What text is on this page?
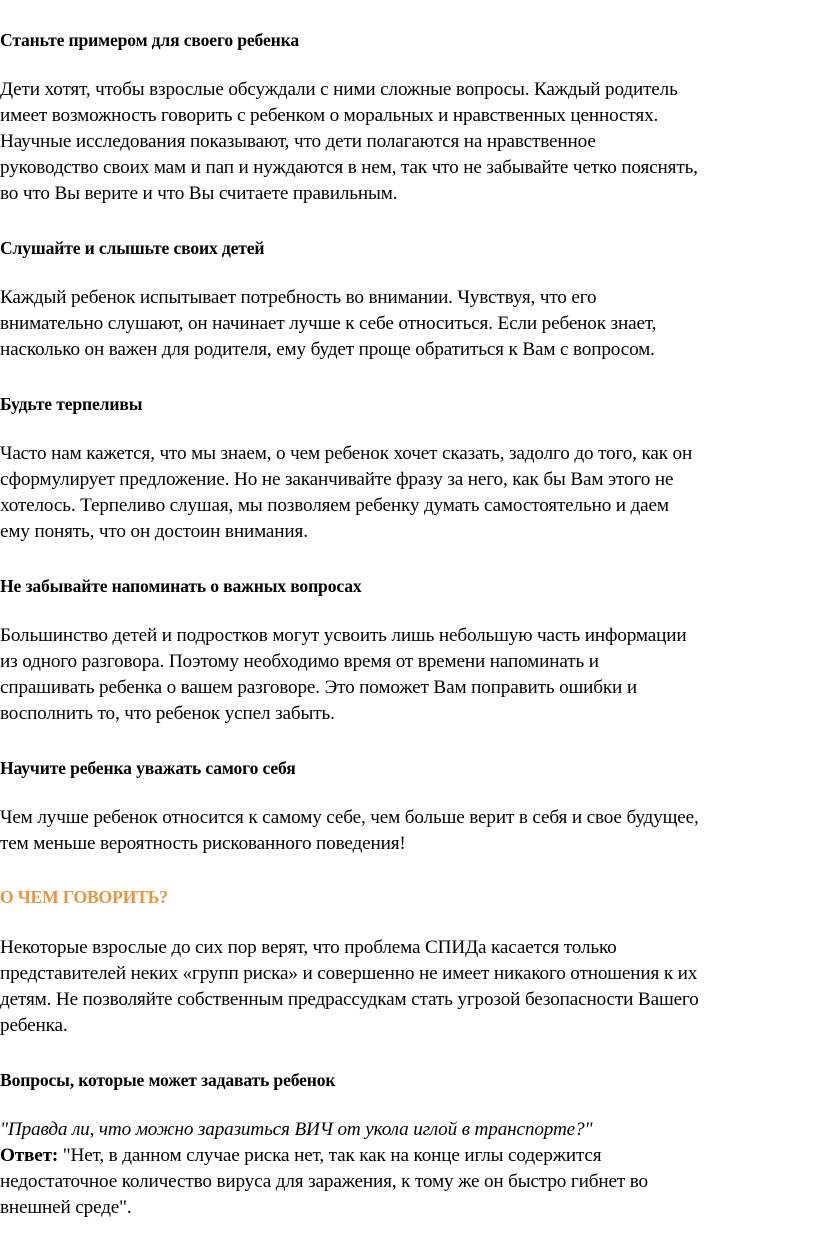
Станьте примером для своего ребенка
Дети хотят, чтобы взрослые обсуждали с ними сложные вопросы. Каждый родитель
имеет возможность говорить с ребенком о моральных и нравственных ценностях.
Научные исследования показывают, что дети полагаются на нравственное
руководство своих мам и пап и нуждаются в нем, так что не забывайте четко пояснять,
во что Вы верите и что Вы считаете правильным.
Слушайте и слышьте своих детей
Каждый ребенок испытывает потребность во внимании. Чувствуя, что его
внимательно слушают, он начинает лучше к себе относиться. Если ребенок знает,
насколько он важен для родителя, ему будет проще обратиться к Вам с вопросом.
Будьте терпеливы
Часто нам кажется, что мы знаем, о чем ребенок хочет сказать, задолго до того, как он
сформулирует предложение. Но не заканчивайте фразу за него, как бы Вам этого не
хотелось. Терпеливо слушая, мы позволяем ребенку думать самостоятельно и даем
ему понять, что он достоин внимания.
Не забывайте напоминать о важных вопросах
Большинство детей и подростков могут усвоить лишь небольшую часть информации
из одного разговора. Поэтому необходимо время от времени напоминать и
спрашивать ребенка о вашем разговоре. Это поможет Вам поправить ошибки и
восполнить то, что ребенок успел забыть.
Научите ребенка уважать самого себя
Чем лучше ребенок относится к самому себе, чем больше верит в себя и свое будущее,
тем меньше вероятность рискованного поведения!
О ЧЕМ ГОВОРИТЬ?
Некоторые взрослые до сих пор верят, что проблема СПИДа касается только
представителей неких «групп риска» и совершенно не имеет никакого отношения к их
детям. Не позволяйте собственным предрассудкам стать угрозой безопасности Вашего
ребенка.
Вопросы, которые может задавать ребенок
"Правда ли, что можно заразиться ВИЧ от укола иглой в транспорте?"
Ответ: "Нет, в данном случае риска нет, так как на конце иглы содержится
недостаточное количество вируса для заражения, к тому же он быстро гибнет во
внешней среде".
